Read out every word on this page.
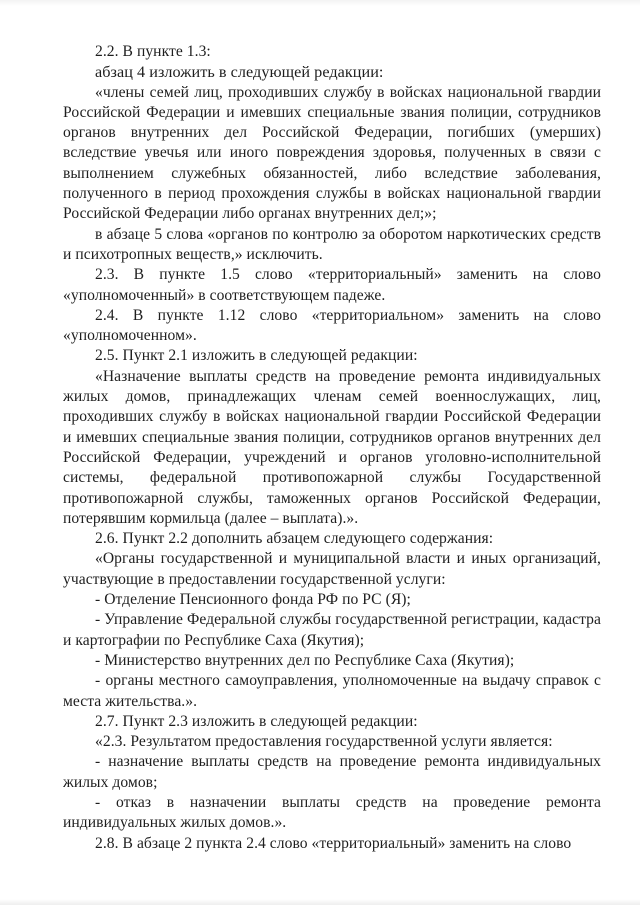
2.2. В пункте 1.3:

абзац 4 изложить в следующей редакции:

«члены семей лиц, проходивших службу в войсках национальной гвардии Российской Федерации и имевших специальные звания полиции, сотрудников органов внутренних дел Российской Федерации, погибших (умерших) вследствие увечья или иного повреждения здоровья, полученных в связи с выполнением служебных обязанностей, либо вследствие заболевания, полученного в период прохождения службы в войсках национальной гвардии Российской Федерации либо органах внутренних дел;»;

в абзаце 5 слова «органов по контролю за оборотом наркотических средств и психотропных веществ,» исключить.

2.3. В пункте 1.5 слово «территориальный» заменить на слово «уполномоченный» в соответствующем падеже.

2.4. В пункте 1.12 слово «территориальном» заменить на слово «уполномоченном».

2.5. Пункт 2.1 изложить в следующей редакции:

«Назначение выплаты средств на проведение ремонта индивидуальных жилых домов, принадлежащих членам семей военнослужащих, лиц, проходивших службу в войсках национальной гвардии Российской Федерации и имевших специальные звания полиции, сотрудников органов внутренних дел Российской Федерации, учреждений и органов уголовно-исполнительной системы, федеральной противопожарной службы Государственной противопожарной службы, таможенных органов Российской Федерации, потерявшим кормильца (далее – выплата).».

2.6. Пункт 2.2 дополнить абзацем следующего содержания:

«Органы государственной и муниципальной власти и иных организаций, участвующие в предоставлении государственной услуги:

- Отделение Пенсионного фонда РФ по РС (Я);

- Управление Федеральной службы государственной регистрации, кадастра и картографии по Республике Саха (Якутия);

- Министерство внутренних дел по Республике Саха (Якутия);

- органы местного самоуправления, уполномоченные на выдачу справок с места жительства.».

2.7. Пункт 2.3 изложить в следующей редакции:

«2.3. Результатом предоставления государственной услуги является:

- назначение выплаты средств на проведение ремонта индивидуальных жилых домов;

- отказ в назначении выплаты средств на проведение ремонта индивидуальных жилых домов.».

2.8. В абзаце 2 пункта 2.4 слово «территориальный» заменить на слово
